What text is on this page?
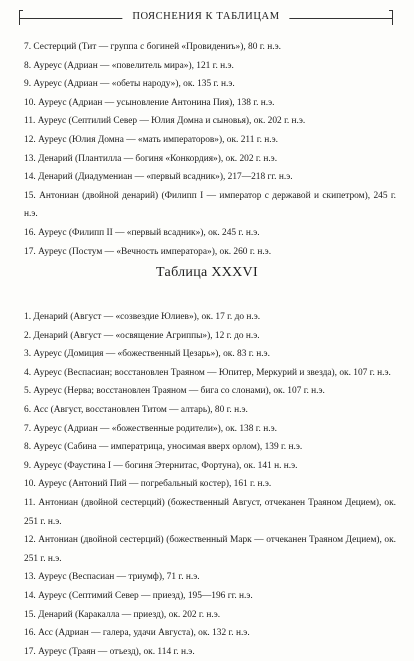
ПОЯСНЕНИЯ К ТАБЛИЦАМ
7. Сестерций (Тит — группа с богиней «Провидениъ»), 80 г. н.э.
8. Ауреус (Адриан — «повелитель мира»), 121 г. н.э.
9. Ауреус (Адриан — «обеты народу»), ок. 135 г. н.э.
10. Ауреус (Адриан — усыновление Антонина Пия), 138 г. н.э.
11. Ауреус (Септилий Север — Юлия Домна и сыновья), ок. 202 г. н.э.
12. Ауреус (Юлия Домна — «мать императоров»), ок. 211 г. н.э.
13. Денарий (Плантилла — богиня «Конкордия»), ок. 202 г. н.э.
14. Денарий (Диадумениан — «первый всадник»), 217—218 гг. н.э.
15. Антониан (двойной денарий) (Филипп I — император с державой и скипетром), 245 г. н.э.
16. Ауреус (Филипп II — «первый всадник»), ок. 245 г. н.э.
17. Ауреус (Постум — «Вечность императора»), ок. 260 г. н.э.
Таблица XXXVI
1. Денарий (Август — «созвездие Юлиев»), ок. 17 г. до н.э.
2. Денарий (Август — «освящение Агриппы»), 12 г. до н.э.
3. Ауреус (Домиция — «божественный Цезарь»), ок. 83 г. н.э.
4. Ауреус (Веспасиан; восстановлен Траяном — Юпитер, Меркурий и звезда), ок. 107 г. н.э.
5. Ауреус (Нерва; восстановлен Траяном — бига со слонами), ок. 107 г. н.э.
6. Асс (Август, восстановлен Титом — алтарь), 80 г. н.э.
7. Ауреус (Адриан — «божественные родители»), ок. 138 г. н.э.
8. Ауреус (Сабина — императрица, уносимая вверх орлом), 139 г. н.э.
9. Ауреус (Фаустина I — богиня Этернитас, Фортуна), ок. 141 н. н.э.
10. Ауреус (Антоний Пий — погребальный костер), 161 г. н.э.
11. Антониан (двойной сестерций) (божественный Август, отчеканен Траяном Децием), ок. 251 г. н.э.
12. Антониан (двойной сестерций) (божественный Марк — отчеканен Траяном Децием), ок. 251 г. н.э.
13. Ауреус (Веспасиан — триумф), 71 г. н.э.
14. Ауреус (Септимий Север — приезд), 195—196 гг. н.э.
15. Денарий (Каракалла — приезд), ок. 202 г. н.э.
16. Асс (Адриан — галера, удачи Августа), ок. 132 г. н.э.
17. Ауреус (Траян — отъезд), ок. 114 г. н.э.
